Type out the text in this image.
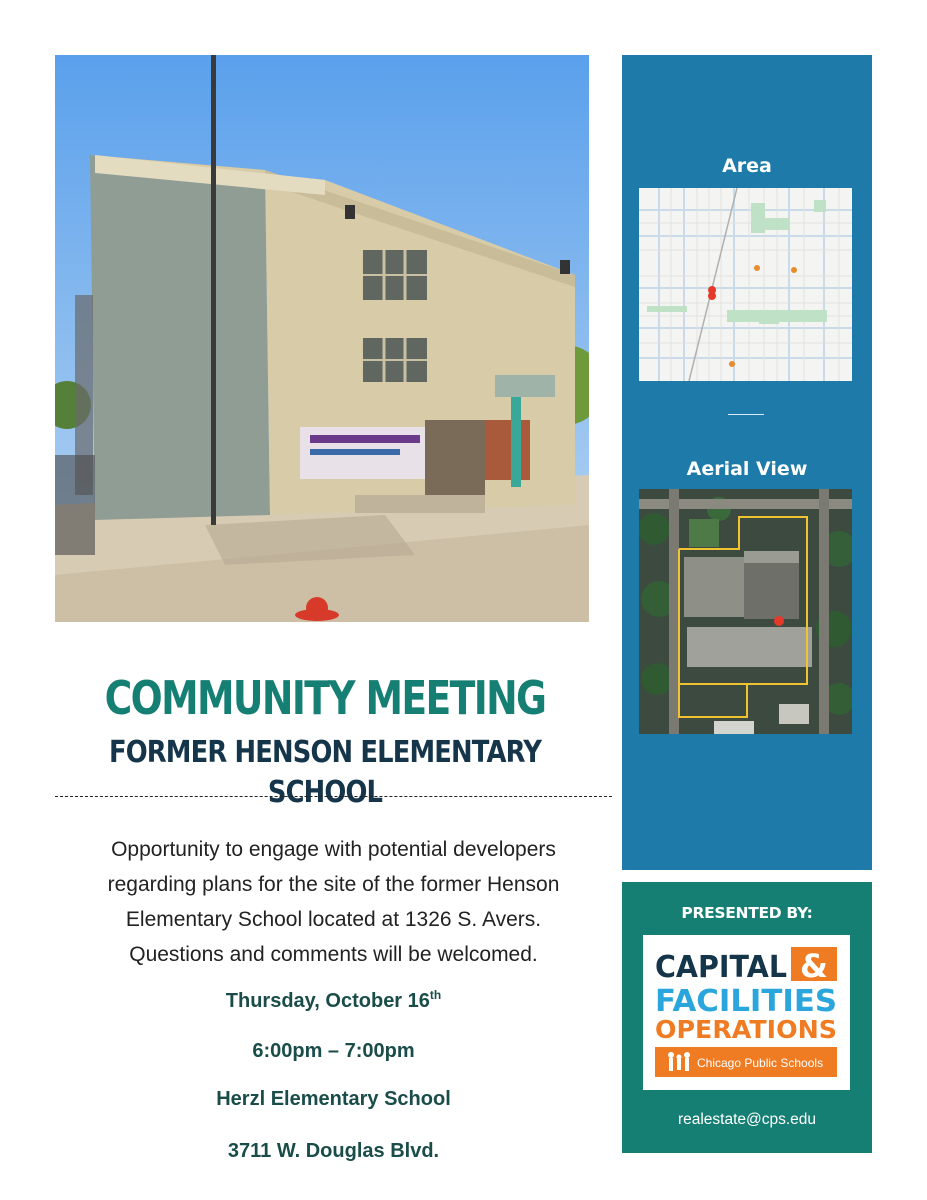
COMMUNITY MEETING
FORMER HENSON ELEMENTARY SCHOOL
Opportunity to engage with potential developers
regarding plans for the site of the former Henson
Elementary School located at 1326 S. Avers.
Questions and comments will be welcomed.
Thursday, October 16th
6:00pm – 7:00pm
Herzl Elementary School
3711 W. Douglas Blvd.
Area
Aerial View
PRESENTED BY:
CAPITAL &
FACILITIES
OPERATIONS
Chicago Public Schools
realestate@cps.edu
